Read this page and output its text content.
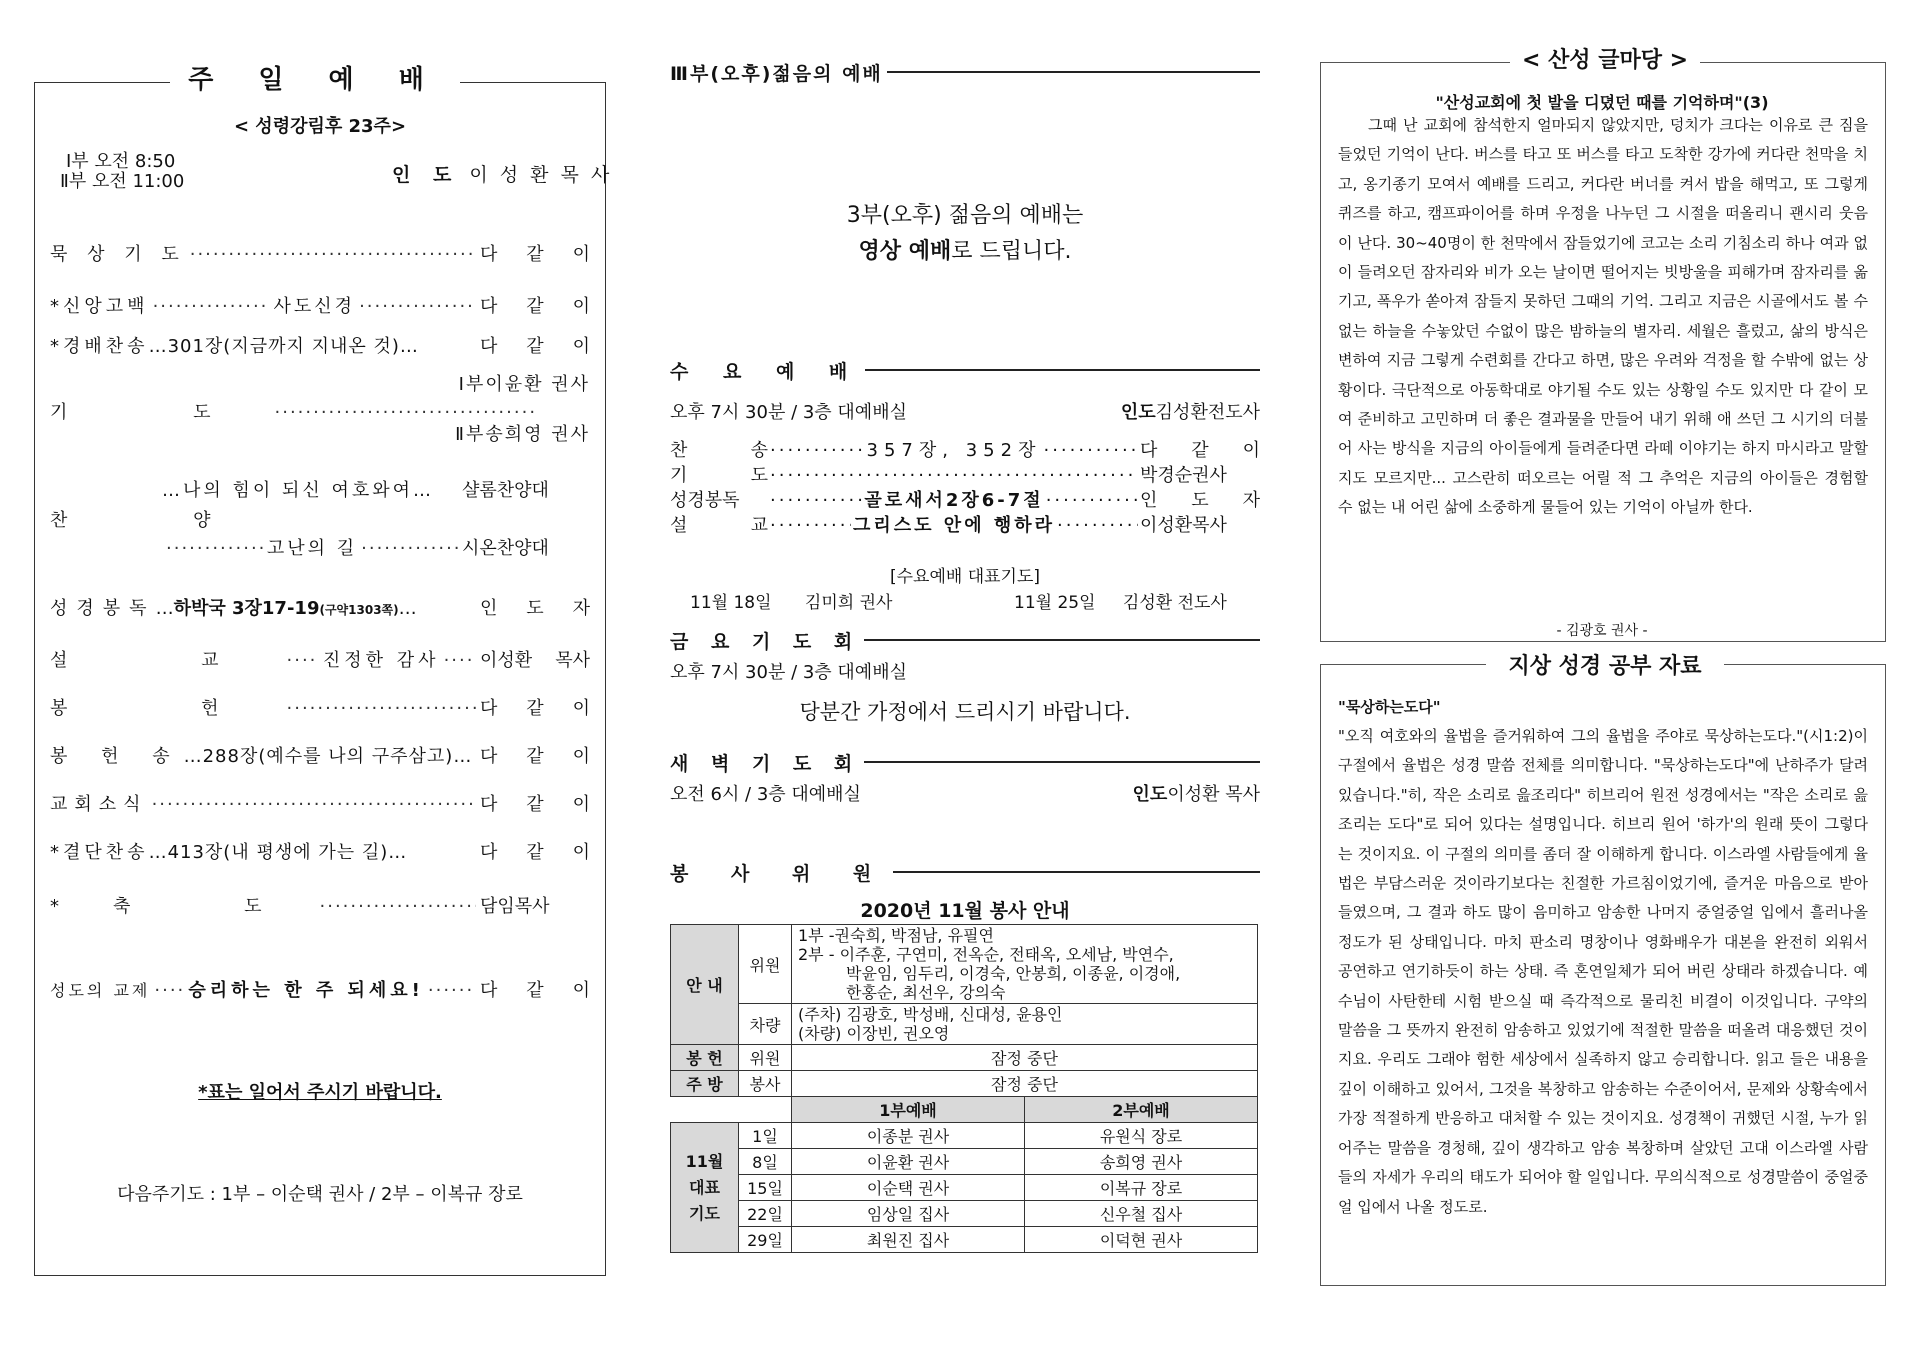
주 일 예 배
< 성령강림후 23주>
Ⅰ부 오전 8:50
Ⅱ부 오전 11:00	인 도 이 성 환 목 사
묵 상 기 도 ·····	다 같 이
*신앙고백 ·····	사도신경 ·····	다 같 이
*경배찬송 …301장(지금까지 지내온 것)…	다 같 이
Ⅰ부이윤환 권사
기 도
·····
Ⅱ부송희영 권사
…나의 힘이 되신 여호와여… 샬롬찬양대
찬 양
·····
고난의 길 ·····	시온찬양대
성경봉독 … 하박국 3장17-19 (구약1303쪽) …	인 도 자
설 교 ····· 진정한 감사 ····· 이성환 목사
봉 헌 ·····	다 같 이
봉 헌 송 …288장(예수를 나의 구주삼고)… 다 같 이
교회소식 ·····	다 같 이
*결단찬송 …413장(내 평생에 가는 길)…	다 같 이
*축 도 ·····	담임목사
성도의 교제 ····· 승리하는 한 주 되세요! ·····	다 같 이
*표는 일어서 주시기 바랍니다.
다음주기도 : 1부 – 이순택 권사 / 2부 – 이복규 장로
Ⅲ부(오후)젊음의 예배
3부(오후) 젊음의 예배는
영상 예배로 드립니다.
수 요 예 배
오후 7시 30분 / 3층 대예배실	인도 김성환전도사
찬 송 ·····	357장, 352장 ·····	다 같 이
기 도 ·····	박경순권사
성경봉독 ·····	골로새서2장6-7절 ·····	인 도 자
설 교 ·····	그리스도 안에 행하라 ·····	이성환목사
[수요예배 대표기도]
11월 18일 김미희 권사	11월 25일 김성환 전도사
금 요 기 도 회
오후 7시 30분 / 3층 대예배실
당분간 가정에서 드리시기 바랍니다.
새 벽 기 도 회
오전 6시 / 3층 대예배실	인도 이성환 목사
봉 사 위 원
2020년 11월 봉사 안내
안 내	위원	1부 -권숙희, 박점남, 유필연
2부 - 이주훈, 구연미, 전옥순, 전태옥, 오세남, 박연수,
박윤임, 임두리, 이경숙, 안봉희, 이종윤, 이경애,
한홍순, 최선우, 강의숙	

	차량	(주차) 김광호, 박성배, 신대성, 윤용인
(차량) 이장빈, 권오영	

봉 헌	위원	잠정 중단	
주 방	봉사	잠정 중단	
		1부예배	2부예배

11월
대표
기도	1일	이종분 권사	유원식 장로
	8일	이윤환 권사	송희영 권사
	15일	이순택 권사	이복규 장로
	22일	임상일 집사	신우철 집사
	29일	최원진 집사	이덕현 권사
< 산성 글마당 >
"산성교회에 첫 발을 디뎠던 때를 기억하며"(3)
그때 난 교회에 참석한지 얼마되지 않았지만, 덩치가 크다는 이유로 큰 짐을 들었던 기억이 난다. 버스를 타고 또 버스를 타고 도착한 강가에 커다란 천막을 치고, 옹기종기 모여서 예배를 드리고, 커다란 버너를 켜서 밥을 해먹고, 또 그렇게 퀴즈를 하고, 캠프파이어를 하며 우정을 나누던 그 시절을 떠올리니 괜시리 웃음이 난다. 30~40명이 한 천막에서 잠들었기에 코고는 소리 기침소리 하나 여과 없이 들려오던 잠자리와 비가 오는 날이면 떨어지는 빗방울을 피해가며 잠자리를 옮기고, 폭우가 쏟아져 잠들지 못하던 그때의 기억. 그리고 지금은 시골에서도 볼 수 없는 하늘을 수놓았던 수없이 많은 밤하늘의 별자리. 세월은 흘렀고, 삶의 방식은 변하여 지금 그렇게 수련회를 간다고 하면, 많은 우려와 걱정을 할 수밖에 없는 상황이다. 극단적으로 아동학대로 야기될 수도 있는 상황일 수도 있지만 다 같이 모여 준비하고 고민하며 더 좋은 결과물을 만들어 내기 위해 애 쓰던 그 시기의 더불어 사는 방식을 지금의 아이들에게 들려준다면 라떼 이야기는 하지 마시라고 말할지도 모르지만... 고스란히 떠오르는 어릴 적 그 추억은 지금의 아이들은 경험할 수 없는 내 어린 삶에 소중하게 물들어 있는 기억이 아닐까 한다.
- 김광호 권사 -
지상 성경 공부 자료
"묵상하는도다"
"오직 여호와의 율법을 즐거워하여 그의 율법을 주야로 묵상하는도다."(시1:2)이 구절에서 율법은 성경 말씀 전체를 의미합니다. "묵상하는도다"에 난하주가 달려 있습니다."히, 작은 소리로 읊조리다" 히브리어 원전 성경에서는 "작은 소리로 읊조리는 도다"로 되어 있다는 설명입니다. 히브리 원어 '하가'의 원래 뜻이 그렇다는 것이지요. 이 구절의 의미를 좀더 잘 이해하게 합니다. 이스라엘 사람들에게 율법은 부담스러운 것이라기보다는 친절한 가르침이었기에, 즐거운 마음으로 받아들였으며, 그 결과 하도 많이 음미하고 암송한 나머지 중얼중얼 입에서 흘러나올 정도가 된 상태입니다. 마치 판소리 명창이나 영화배우가 대본을 완전히 외워서 공연하고 연기하듯이 하는 상태. 즉 혼연일체가 되어 버린 상태라 하겠습니다. 예수님이 사탄한테 시험 받으실 때 즉각적으로 물리친 비결이 이것입니다. 구약의 말씀을 그 뜻까지 완전히 암송하고 있었기에 적절한 말씀을 떠올려 대응했던 것이지요. 우리도 그래야 험한 세상에서 실족하지 않고 승리합니다. 읽고 들은 내용을 깊이 이해하고 있어서, 그것을 복창하고 암송하는 수준이어서, 문제와 상황속에서 가장 적절하게 반응하고 대처할 수 있는 것이지요. 성경책이 귀했던 시절, 누가 읽어주는 말씀을 경청해, 깊이 생각하고 암송 복창하며 살았던 고대 이스라엘 사람들의 자세가 우리의 태도가 되어야 할 일입니다. 무의식적으로 성경말씀이 중얼중얼 입에서 나올 정도로.
